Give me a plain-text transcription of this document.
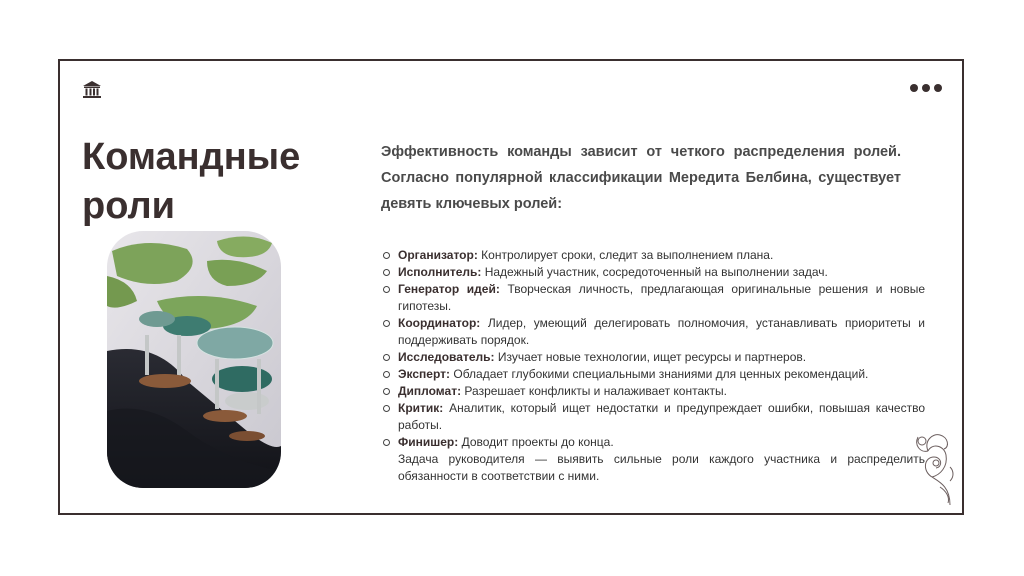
Командные
роли
Эффективность команды зависит от четкого распределения ролей. Согласно популярной классификации Мередита Белбина, существует девять ключевых ролей:
Организатор: Контролирует сроки, следит за выполнением плана.
Исполнитель: Надежный участник, сосредоточенный на выполнении задач.
Генератор идей: Творческая личность, предлагающая оригинальные решения и новые гипотезы.
Координатор: Лидер, умеющий делегировать полномочия, устанавливать приоритеты и поддерживать порядок.
Исследователь: Изучает новые технологии, ищет ресурсы и партнеров.
Эксперт: Обладает глубокими специальными знаниями для ценных рекомендаций.
Дипломат: Разрешает конфликты и налаживает контакты.
Критик: Аналитик, который ищет недостатки и предупреждает ошибки, повышая качество работы.
Финишер: Доводит проекты до конца.
Задача руководителя — выявить сильные роли каждого участника и распределить обязанности в соответствии с ними.
